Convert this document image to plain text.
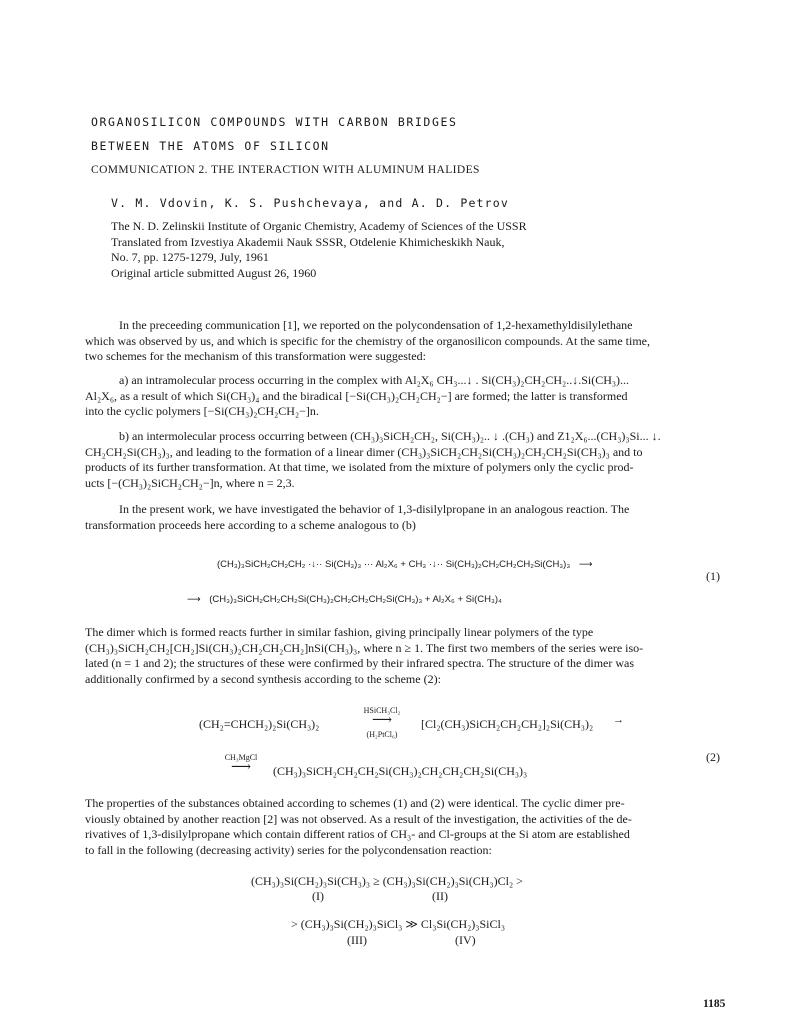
ORGANOSILICON COMPOUNDS WITH CARBON BRIDGES
BETWEEN THE ATOMS OF SILICON
COMMUNICATION 2. THE INTERACTION WITH ALUMINUM HALIDES
V. M. Vdovin, K. S. Pushchevaya, and A. D. Petrov
The N. D. Zelinskii Institute of Organic Chemistry, Academy of Sciences of the USSR
Translated from Izvestiya Akademii Nauk SSSR, Otdelenie Khimicheskikh Nauk,
No. 7, pp. 1275-1279, July, 1961
Original article submitted August 26, 1960

In the preceeding communication [1], we reported on the polycondensation of 1,2-hexamethyldisilylethane

which was observed by us, and which is specific for the chemistry of the organosilicon compounds. At the same time,

two schemes for the mechanism of this transformation were suggested:

a) an intramolecular process occurring in the complex with Al₂X₆ CH₃...↓ . Si(CH₃)₂CH₂CH₂..↓.Si(CH₃)...

Al₂X₆, as a result of which Si(CH₃)₄ and the biradical [−Si(CH₃)₂CH₂CH₂−] are formed; the latter is transformed

into the cyclic polymers [−Si(CH₃)₂CH₂CH₂−]n.

b) an intermolecular process occurring between (CH₃)₃SiCH₂CH₂, Si(CH₃)₂.. ↓ .(CH₃) and Z1₂X₆...(CH₃)₃Si... ↓.

CH₂CH₂Si(CH₃)₃, and leading to the formation of a linear dimer (CH₃)₃SiCH₂CH₂Si(CH₃)₂CH₂CH₂Si(CH₃)₃ and to

products of its further transformation. At that time, we isolated from the mixture of polymers only the cyclic prod-

ucts [−(CH₃)₂SiCH₂CH₂−]n, where n = 2,3.

In the present work, we have investigated the behavior of 1,3-disilylpropane in an analogous reaction. The

transformation proceeds here according to a scheme analogous to (b)

(CH₃)₃SiCH₂CH₂CH₂ ·↓·· Si(CH₃)₃ ··· Al₂X₆ + CH₃ ·↓·· Si(CH₃)₂CH₂CH₂CH₂Si(CH₃)₃ ⟶
(1)
⟶ (CH₃)₃SiCH₂CH₂CH₂Si(CH₃)₂CH₂CH₂CH₂Si(CH₃)₃ + Al₂X₆ + Si(CH₃)₄

The dimer which is formed reacts further in similar fashion, giving principally linear polymers of the type

(CH₃)₃SiCH₂CH₂[CH₂]Si(CH₃)₂CH₂CH₂CH₂]nSi(CH₃)₃, where n ≥ 1. The first two members of the series were iso-

lated (n = 1 and 2); the structures of these were confirmed by their infrared spectra. The structure of the dimer was

additionally confirmed by a second synthesis according to the scheme (2):

(CH₂=CHCH₂)₂Si(CH₃)₂
HSiCH₃Cl₂
⟶
(H₂PtCl₆)
[Cl₂(CH₃)SiCH₂CH₂CH₂]₂Si(CH₃)₂ →
(2)
CH₃MgCl
⟶	(CH₃)₃SiCH₂CH₂CH₂Si(CH₃)₂CH₂CH₂CH₂Si(CH₃)₃

The properties of the substances obtained according to schemes (1) and (2) were identical. The cyclic dimer pre-

viously obtained by another reaction [2] was not observed. As a result of the investigation, the activities of the de-

rivatives of 1,3-disilylpropane which contain different ratios of CH₃- and Cl-groups at the Si atom are established

to fall in the following (decreasing activity) series for the polycondensation reaction:

(CH₃)₃Si(CH₂)₃Si(CH₃)₃ ≥ (CH₃)₃Si(CH₂)₃Si(CH₃)Cl₂ >
(I)	(II)
> (CH₃)₃Si(CH₂)₃SiCl₃ ≫ Cl₃Si(CH₂)₃SiCl₃
(III)	(IV)
1185
